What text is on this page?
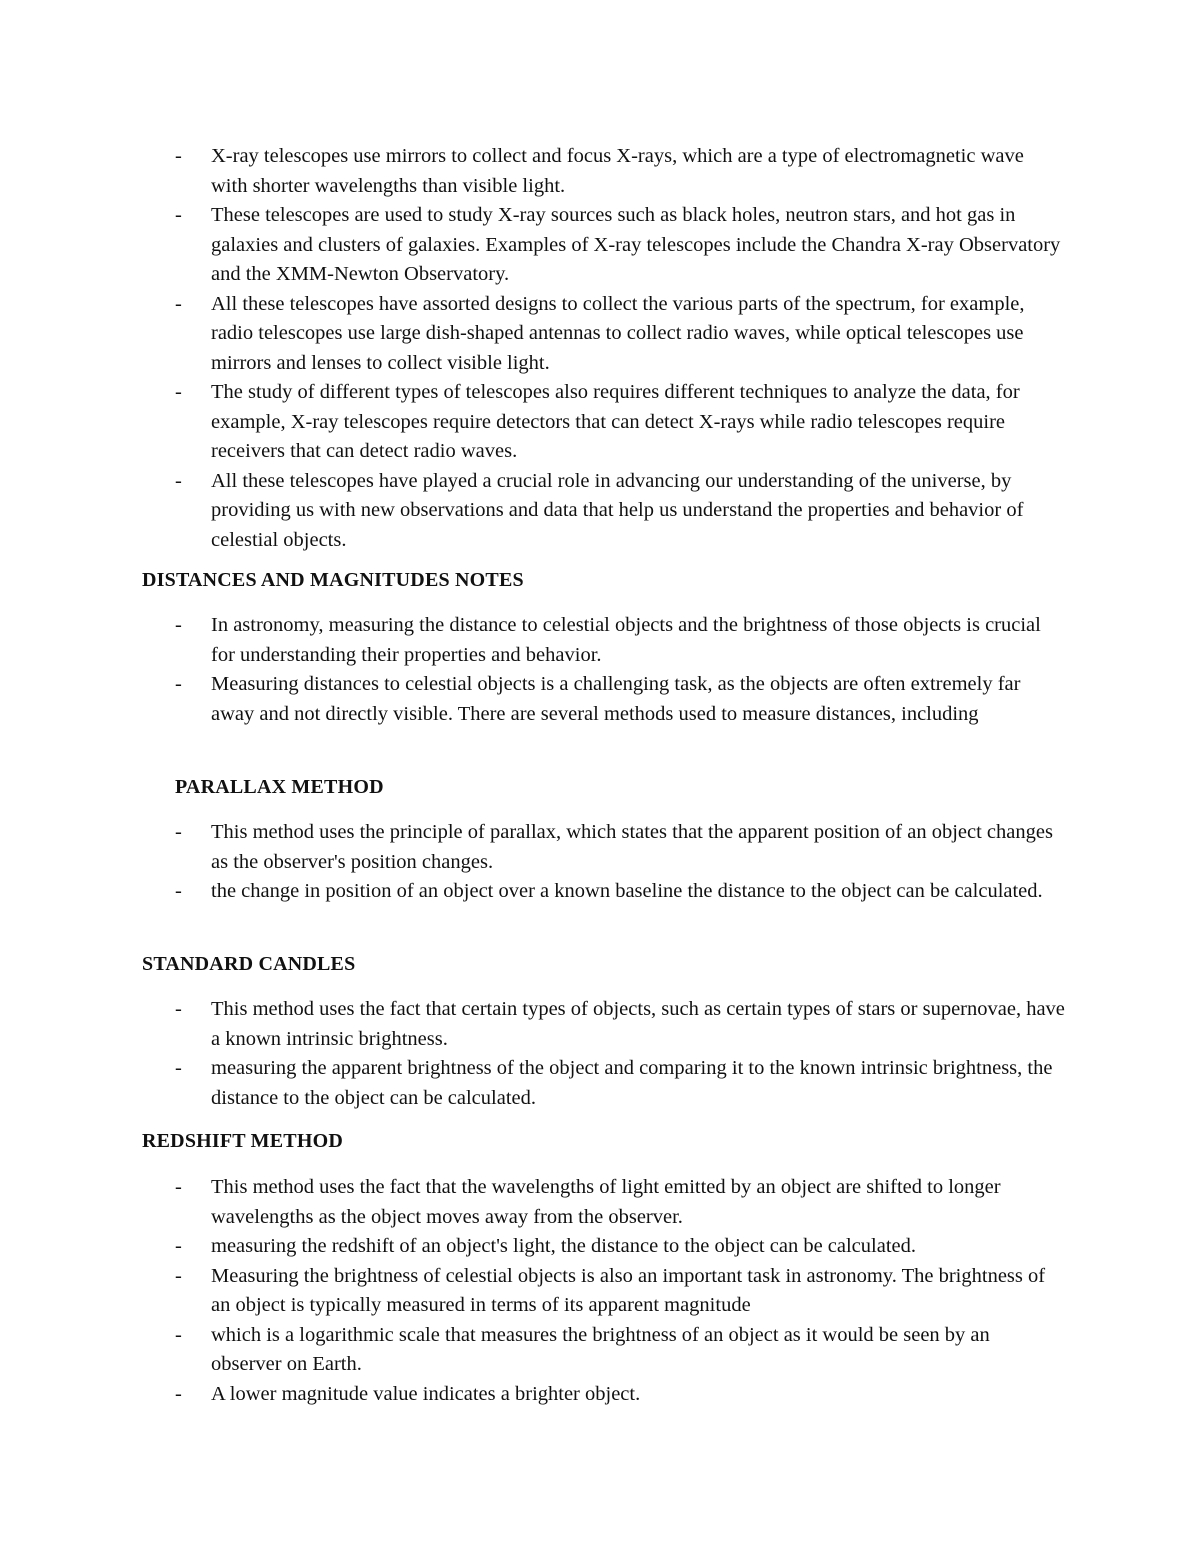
-	X-ray telescopes use mirrors to collect and focus X-rays, which are a type of electromagnetic wave with shorter wavelengths than visible light.
-	These telescopes are used to study X-ray sources such as black holes, neutron stars, and hot gas in galaxies and clusters of galaxies. Examples of X-ray telescopes include the Chandra X-ray Observatory and the XMM-Newton Observatory.
-	All these telescopes have assorted designs to collect the various parts of the spectrum, for example, radio telescopes use large dish-shaped antennas to collect radio waves, while optical telescopes use mirrors and lenses to collect visible light.
-	The study of different types of telescopes also requires different techniques to analyze the data, for example, X-ray telescopes require detectors that can detect X-rays while radio telescopes require receivers that can detect radio waves.
-	All these telescopes have played a crucial role in advancing our understanding of the universe, by providing us with new observations and data that help us understand the properties and behavior of celestial objects.
DISTANCES AND MAGNITUDES NOTES
-	In astronomy, measuring the distance to celestial objects and the brightness of those objects is crucial for understanding their properties and behavior.
-	Measuring distances to celestial objects is a challenging task, as the objects are often extremely far away and not directly visible. There are several methods used to measure distances, including
PARALLAX METHOD
-	This method uses the principle of parallax, which states that the apparent position of an object changes as the observer's position changes.
-	the change in position of an object over a known baseline the distance to the object can be calculated.
STANDARD CANDLES
-	This method uses the fact that certain types of objects, such as certain types of stars or supernovae, have a known intrinsic brightness.
-	measuring the apparent brightness of the object and comparing it to the known intrinsic brightness, the distance to the object can be calculated.
REDSHIFT METHOD
-	This method uses the fact that the wavelengths of light emitted by an object are shifted to longer wavelengths as the object moves away from the observer.
-	measuring the redshift of an object's light, the distance to the object can be calculated.
-	Measuring the brightness of celestial objects is also an important task in astronomy. The brightness of an object is typically measured in terms of its apparent magnitude
-	which is a logarithmic scale that measures the brightness of an object as it would be seen by an observer on Earth.
-	A lower magnitude value indicates a brighter object.
